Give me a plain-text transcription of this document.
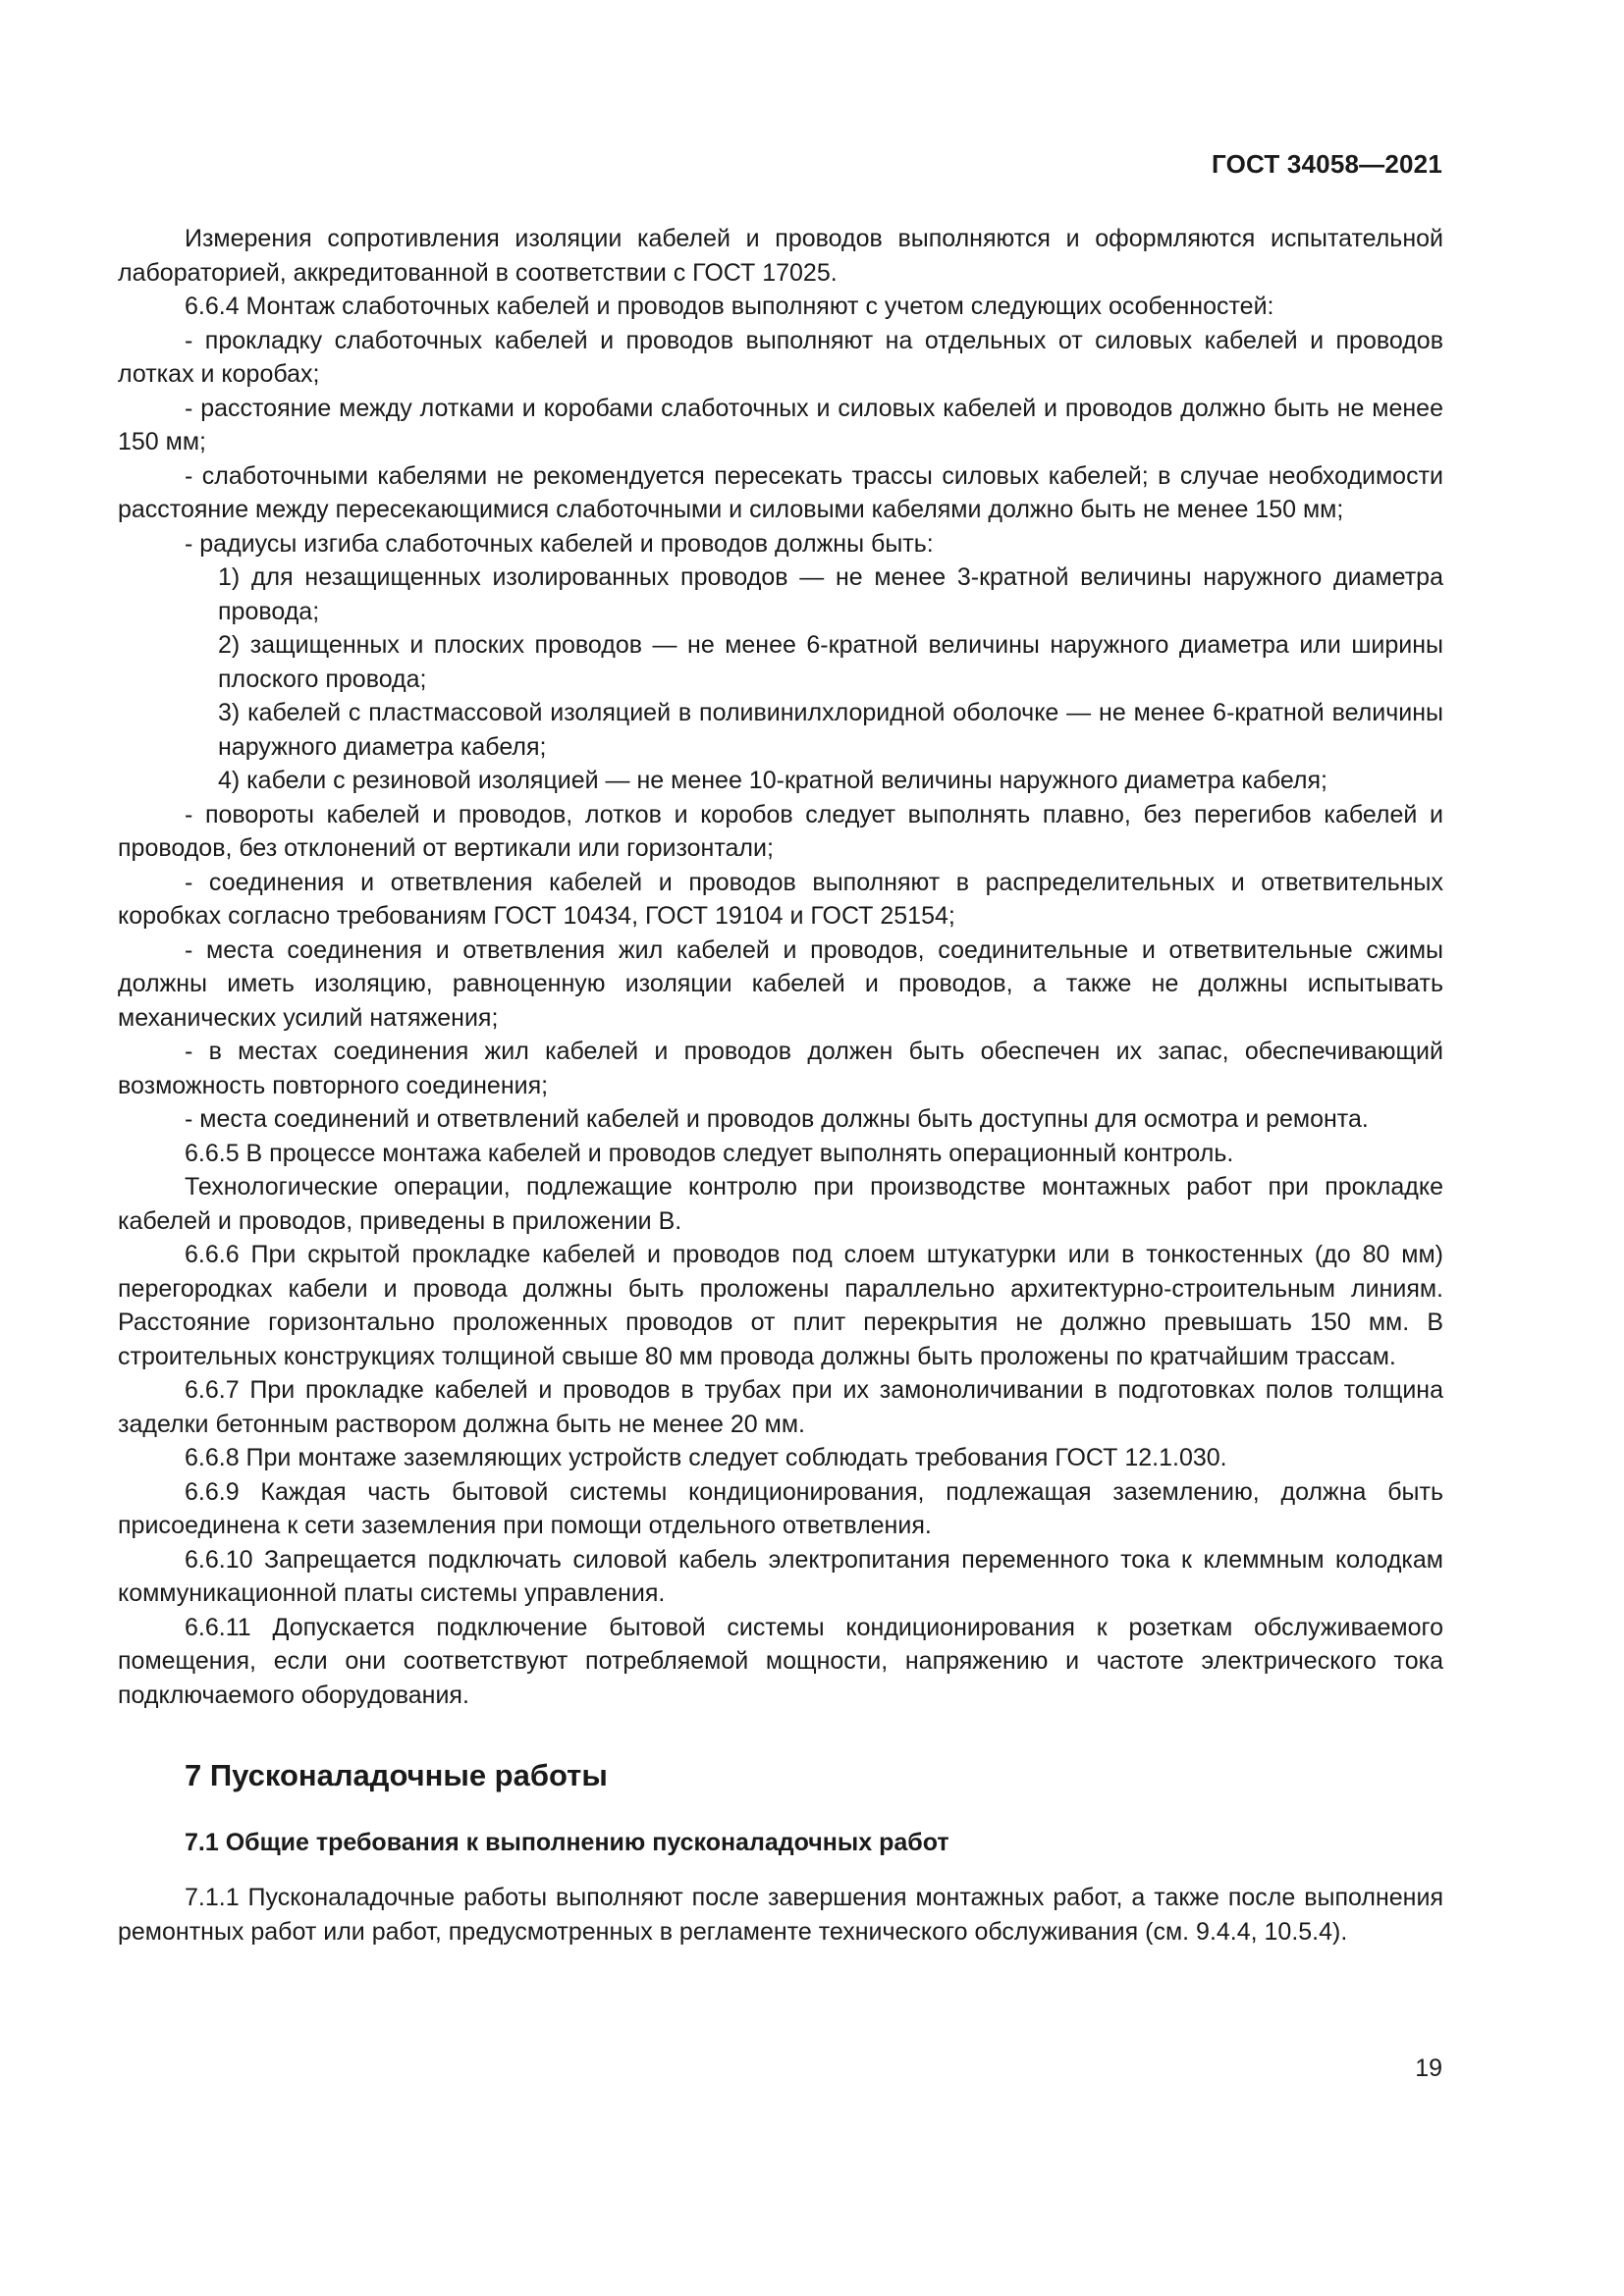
ГОСТ 34058—2021

Измерения сопротивления изоляции кабелей и проводов выполняются и оформляются испытательной лабораторией, аккредитованной в соответствии с ГОСТ 17025.

6.6.4 Монтаж слаботочных кабелей и проводов выполняют с учетом следующих особенностей:

- прокладку слаботочных кабелей и проводов выполняют на отдельных от силовых кабелей и проводов лотках и коробах;

- расстояние между лотками и коробами слаботочных и силовых кабелей и проводов должно быть не менее 150 мм;

- слаботочными кабелями не рекомендуется пересекать трассы силовых кабелей; в случае необходимости расстояние между пересекающимися слаботочными и силовыми кабелями должно быть не менее 150 мм;

- радиусы изгиба слаботочных кабелей и проводов должны быть:

1) для незащищенных изолированных проводов — не менее 3-кратной величины наружного диаметра провода;

2) защищенных и плоских проводов — не менее 6-кратной величины наружного диаметра или ширины плоского провода;

3) кабелей с пластмассовой изоляцией в поливинилхлоридной оболочке — не менее 6-кратной величины наружного диаметра кабеля;

4) кабели с резиновой изоляцией — не менее 10-кратной величины наружного диаметра кабеля;

- повороты кабелей и проводов, лотков и коробов следует выполнять плавно, без перегибов кабелей и проводов, без отклонений от вертикали или горизонтали;

- соединения и ответвления кабелей и проводов выполняют в распределительных и ответвительных коробках согласно требованиям ГОСТ 10434, ГОСТ 19104 и ГОСТ 25154;

- места соединения и ответвления жил кабелей и проводов, соединительные и ответвительные сжимы должны иметь изоляцию, равноценную изоляции кабелей и проводов, а также не должны испытывать механических усилий натяжения;

- в местах соединения жил кабелей и проводов должен быть обеспечен их запас, обеспечивающий возможность повторного соединения;

- места соединений и ответвлений кабелей и проводов должны быть доступны для осмотра и ремонта.

6.6.5 В процессе монтажа кабелей и проводов следует выполнять операционный контроль.

Технологические операции, подлежащие контролю при производстве монтажных работ при прокладке кабелей и проводов, приведены в приложении В.

6.6.6 При скрытой прокладке кабелей и проводов под слоем штукатурки или в тонкостенных (до 80 мм) перегородках кабели и провода должны быть проложены параллельно архитектурно-строительным линиям. Расстояние горизонтально проложенных проводов от плит перекрытия не должно превышать 150 мм. В строительных конструкциях толщиной свыше 80 мм провода должны быть проложены по кратчайшим трассам.

6.6.7 При прокладке кабелей и проводов в трубах при их замоноличивании в подготовках полов толщина заделки бетонным раствором должна быть не менее 20 мм.

6.6.8 При монтаже заземляющих устройств следует соблюдать требования ГОСТ 12.1.030.

6.6.9 Каждая часть бытовой системы кондиционирования, подлежащая заземлению, должна быть присоединена к сети заземления при помощи отдельного ответвления.

6.6.10 Запрещается подключать силовой кабель электропитания переменного тока к клеммным колодкам коммуникационной платы системы управления.

6.6.11 Допускается подключение бытовой системы кондиционирования к розеткам обслуживаемого помещения, если они соответствуют потребляемой мощности, напряжению и частоте электрического тока подключаемого оборудования.

7 Пусконаладочные работы
7.1 Общие требования к выполнению пусконаладочных работ

7.1.1 Пусконаладочные работы выполняют после завершения монтажных работ, а также после выполнения ремонтных работ или работ, предусмотренных в регламенте технического обслуживания (см. 9.4.4, 10.5.4).

19
